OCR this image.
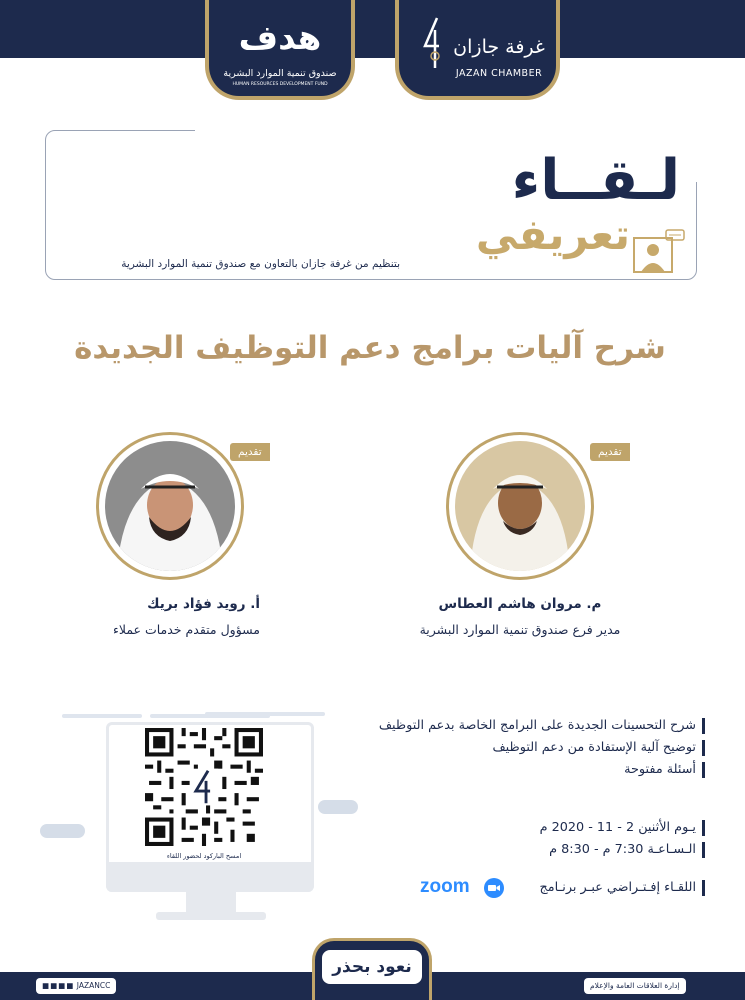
هدف
صندوق تنمية الموارد البشرية
HUMAN RESOURCES DEVELOPMENT FUND
غرفة جازان
JAZAN CHAMBER
لـقــاء
تعريفي
بتنظيم من غرفة جازان بالتعاون مع صندوق تنمية الموارد البشرية
شرح آليات برامج دعم التوظيف الجديدة
تقديم
م. مروان هاشم العطاس
مدير فرع صندوق تنمية الموارد البشرية
تقديم
أ. رويد فؤاد بريك
مسؤول متقدم خدمات عملاء
امسح الباركود لحضور اللقاء
شرح التحسينات الجديدة على البرامج الخاصة بدعم التوظيف
توضيح آلية الإستفادة من دعم التوظيف
أسئلة مفتوحة
يـوم الأثنين 2 - 11 - 2020 م
الـسـاعـة 7:30 م - 8:30 م
اللقـاء إفـتـراضي عبـر برنـامج
zoom
نعود بحذر
إدارة العلاقات العامة والإعلام
■■■■ JAZANCC
